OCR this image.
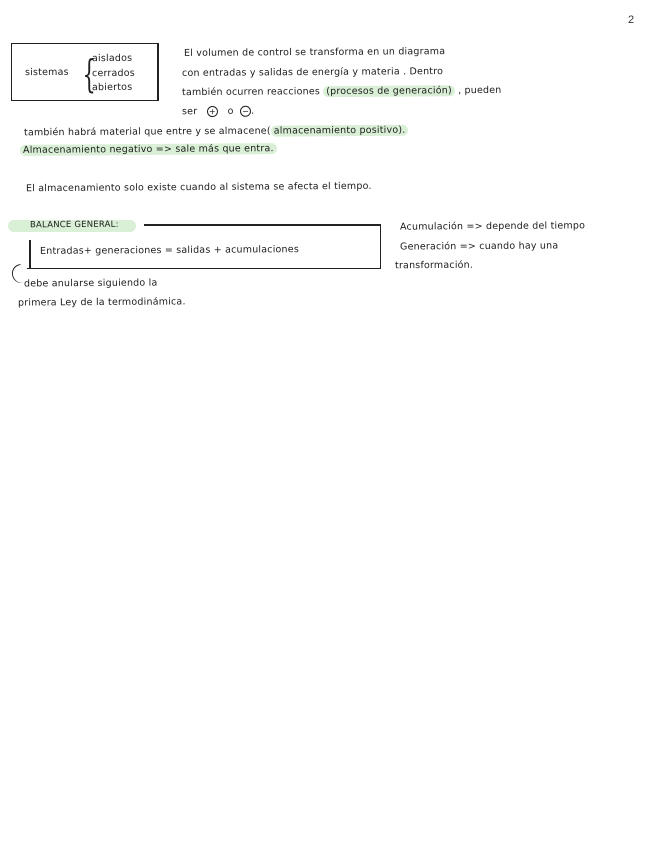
2
sistemas {
aislados
cerrados
abiertos
El volumen de control se transforma en un diagrama
con entradas y salidas de energía y materia . Dentro
también ocurren reacciones (procesos de generación) , pueden
ser + o − .
también habrá material que entre y se almacene( almacenamiento positivo).
Almacenamiento negativo => sale más que entra.
El almacenamiento solo existe cuando al sistema se afecta el tiempo.
BALANCE GENERAL:
Entradas+ generaciones = salidas + acumulaciones
Acumulación => depende del tiempo
Generación => cuando hay una
transformación.
debe anularse siguiendo la
primera Ley de la termodinámica.
